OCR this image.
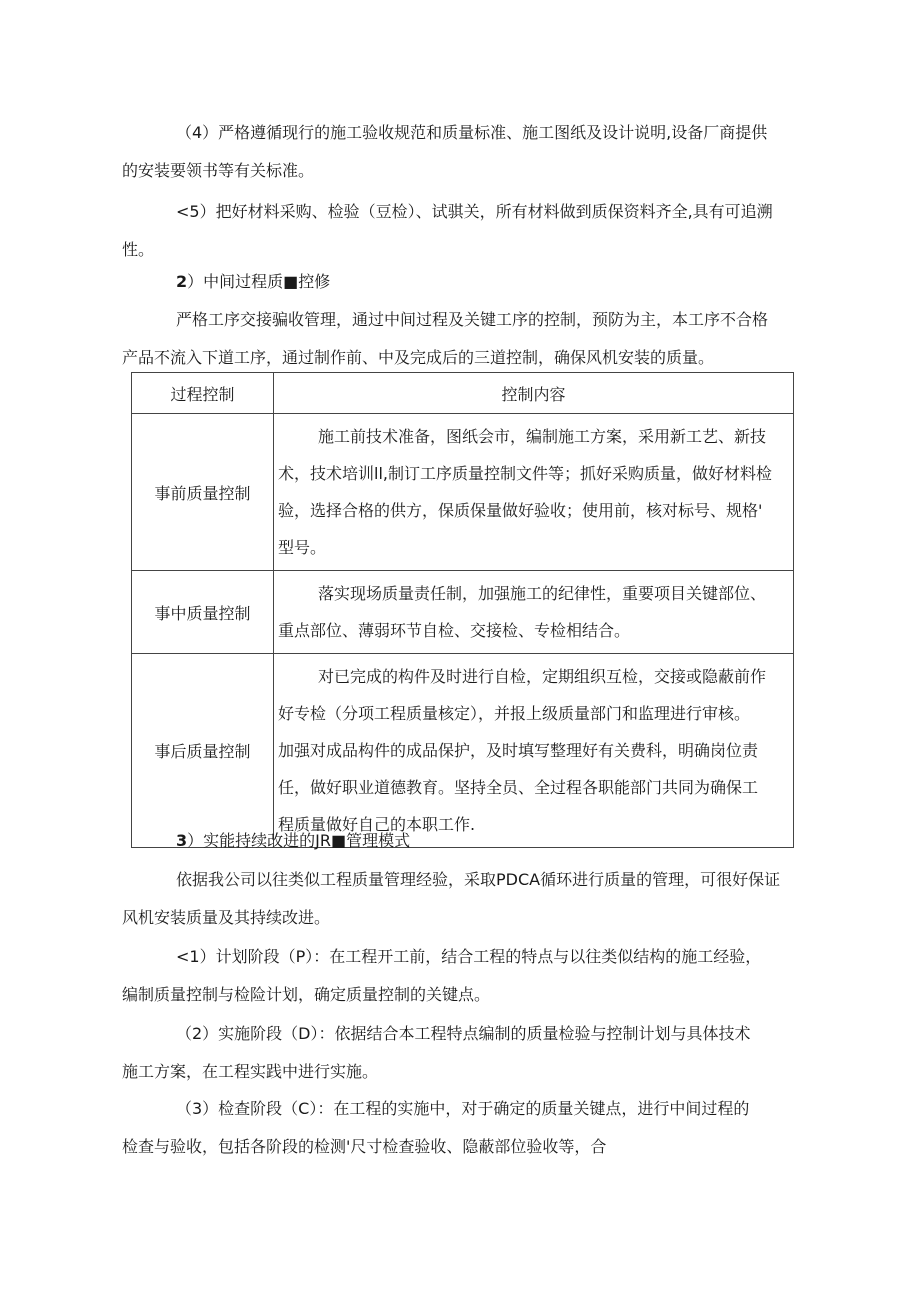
（4）严格遵循现行的施工验收规范和质量标准、施工图纸及设计说明,设备厂商提供
的安装要领书等有关标准。

<5）把好材料采购、检验（豆检）、试骐关，所有材料做到质保资料齐全,具有可追溯
性。

2）中间过程质■控修

严格工序交接骗收管理，通过中间过程及关键工序的控制，预防为主，本工序不合格
产品不流入下道工序，通过制作前、中及完成后的三道控制，确保风机安装的质量。

过程控制	控制内容
事前质量控制	施工前技术准备，图纸会市，编制施工方案，采用新工艺、新技
术，技术培训ll,制订工序质量控制文件等；抓好采购质量，做好材料检
验，选择合格的供方，保质保量做好验收；使用前，核对标号、规格'
型号。

事中质量控制	落实现场质量责任制，加强施工的纪律性，重要项目关键部位、
重点部位、薄弱环节自检、交接检、专检相结合。

事后质量控制	对已完成的构件及时进行自检，定期组织互检，交接或隐蔽前作
好专检（分项工程质量核定），并报上级质量部门和监理进行审核。
加强对成品构件的成品保护，及时填写整理好有关费科，明确岗位责
任，做好职业道德教育。坚持全员、全过程各职能部门共同为确保工
程质量做好自己的本职工作.

3）实能持续改进的JR■管理模式

依据我公司以往类似工程质量管理经验，采取PDCA循环进行质量的管理，可很好保证
风机安装质量及其持续改进。

<1）计划阶段（P）：在工程开工前，结合工程的特点与以往类似结构的施工经验，
编制质量控制与检险计划，确定质量控制的关键点。

（2）实施阶段（D）：依据结合本工程特点编制的质量检验与控制计划与具体技术
施工方案，在工程实践中进行实施。

（3）检查阶段（C）：在工程的实施中，对于确定的质量关键点，进行中间过程的
检查与验收，包括各阶段的检测'尺寸检查验收、隐蔽部位验收等，合
